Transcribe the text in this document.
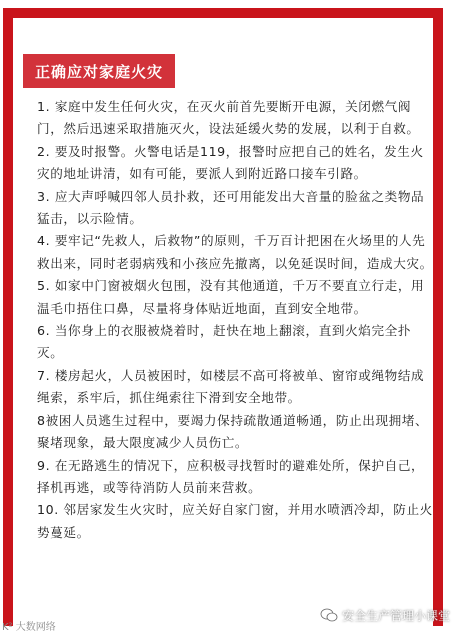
正确应对家庭火灾

1. 家庭中发生任何火灾，在灭火前首先要断开电源，关闭燃气阀门，然后迅速采取措施灭火，设法延缓火势的发展，以利于自救。

2. 要及时报警。火警电话是119，报警时应把自己的姓名，发生火灾的地址讲清，如有可能，要派人到附近路口接车引路。

3. 应大声呼喊四邻人员扑救，还可用能发出大音量的脸盆之类物品猛击，以示险情。

4. 要牢记“先救人，后救物”的原则，千万百计把困在火场里的人先救出来，同时老弱病残和小孩应先撤离，以免延误时间，造成大灾。

5. 如家中门窗被烟火包围，没有其他通道，千万不要直立行走，用温毛巾捂住口鼻，尽量将身体贴近地面，直到安全地带。

6. 当你身上的衣服被烧着时，赶快在地上翻滚，直到火焰完全扑灭。

7. 楼房起火，人员被困时，如楼层不高可将被单、窗帘或绳物结成绳索，系牢后，抓住绳索往下滑到安全地带。

8被困人员逃生过程中，要竭力保持疏散通道畅通，防止出现拥堵、聚堵现象，最大限度减少人员伤亡。

9. 在无路逃生的情况下，应积极寻找暂时的避难处所，保护自己，择机再逃，或等待消防人员前来营救。

10. 邻居家发生火灾时，应关好自家门窗，并用水喷洒冷却，防止火势蔓延。

K² 大数网络
安全生产管理小课堂
